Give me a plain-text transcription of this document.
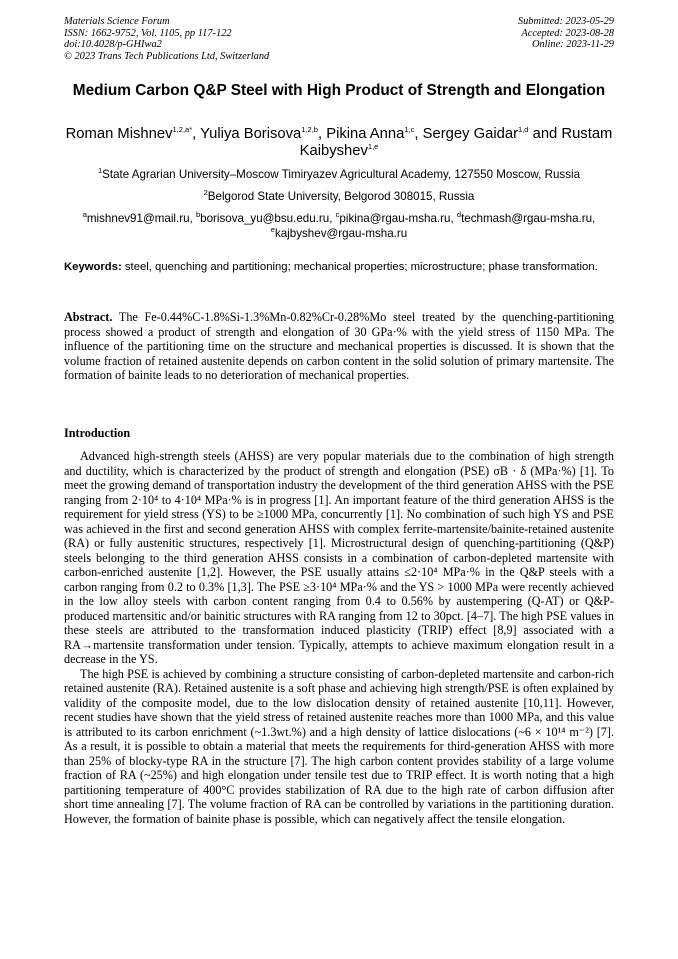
Materials Science Forum
ISSN: 1662-9752, Vol. 1105, pp 117-122
doi:10.4028/p-GHIwa2
© 2023 Trans Tech Publications Ltd, Switzerland
Submitted: 2023-05-29
Accepted: 2023-08-28
Online: 2023-11-29
Medium Carbon Q&P Steel with High Product of Strength and Elongation
Roman Mishnev$^{1,2,a*}$, Yuliya Borisova$^{1,2,b}$, Pikina Anna$^{1,c}$, Sergey Gaidar$^{1,d}$ and Rustam Kaibyshev$^{1,e}$
$^1$State Agrarian University–Moscow Timiryazev Agricultural Academy, 127550 Moscow, Russia
$^2$Belgorod State University, Belgorod 308015, Russia
$^a$mishnev91@mail.ru, $^b$borisova_yu@bsu.edu.ru, $^c$pikina@rgau-msha.ru, $^d$techmash@rgau-msha.ru, $^e$kajbyshev@rgau-msha.ru
Keywords: steel, quenching and partitioning; mechanical properties; microstructure; phase transformation.
Abstract. The Fe-0.44%C-1.8%Si-1.3%Mn-0.82%Cr-0.28%Mo steel treated by the quenching-partitioning process showed a product of strength and elongation of 30 GPa·% with the yield stress of 1150 MPa. The influence of the partitioning time on the structure and mechanical properties is discussed. It is shown that the volume fraction of retained austenite depends on carbon content in the solid solution of primary martensite. The formation of bainite leads to no deterioration of mechanical properties.
Introduction

Advanced high-strength steels (AHSS) are very popular materials due to the combination of high strength and ductility, which is characterized by the product of strength and elongation (PSE) σB · δ (MPa·%) [1]. To meet the growing demand of transportation industry the development of the third generation AHSS with the PSE ranging from 2·10⁴ to 4·10⁴ MPa·% is in progress [1]. An important feature of the third generation AHSS is the requirement for yield stress (YS) to be ≥1000 MPa, concurrently [1]. No combination of such high YS and PSE was achieved in the first and second generation AHSS with complex ferrite-martensite/bainite-retained austenite (RA) or fully austenitic structures, respectively [1]. Microstructural design of quenching-partitioning (Q&P) steels belonging to the third generation AHSS consists in a combination of carbon-depleted martensite with carbon-enriched austenite [1,2]. However, the PSE usually attains ≤2·10⁴ MPa·% in the Q&P steels with a carbon ranging from 0.2 to 0.3% [1,3]. The PSE ≥3·10⁴ MPa·% and the YS > 1000 MPa were recently achieved in the low alloy steels with carbon content ranging from 0.4 to 0.56% by austempering (Q-AT) or Q&P-produced martensitic and/or bainitic structures with RA ranging from 12 to 30pct. [4–7]. The high PSE values in these steels are attributed to the transformation induced plasticity (TRIP) effect [8,9] associated with a RA→martensite transformation under tension. Typically, attempts to achieve maximum elongation result in a decrease in the YS.

The high PSE is achieved by combining a structure consisting of carbon-depleted martensite and carbon-rich retained austenite (RA). Retained austenite is a soft phase and achieving high strength/PSE is often explained by validity of the composite model, due to the low dislocation density of retained austenite [10,11]. However, recent studies have shown that the yield stress of retained austenite reaches more than 1000 MPa, and this value is attributed to its carbon enrichment (~1.3wt.%) and a high density of lattice dislocations (~6 × 10¹⁴ m⁻²) [7]. As a result, it is possible to obtain a material that meets the requirements for third-generation AHSS with more than 25% of blocky-type RA in the structure [7]. The high carbon content provides stability of a large volume fraction of RA (~25%) and high elongation under tensile test due to TRIP effect. It is worth noting that a high partitioning temperature of 400°C provides stabilization of RA due to the high rate of carbon diffusion after short time annealing [7]. The volume fraction of RA can be controlled by variations in the partitioning duration. However, the formation of bainite phase is possible, which can negatively affect the tensile elongation.
